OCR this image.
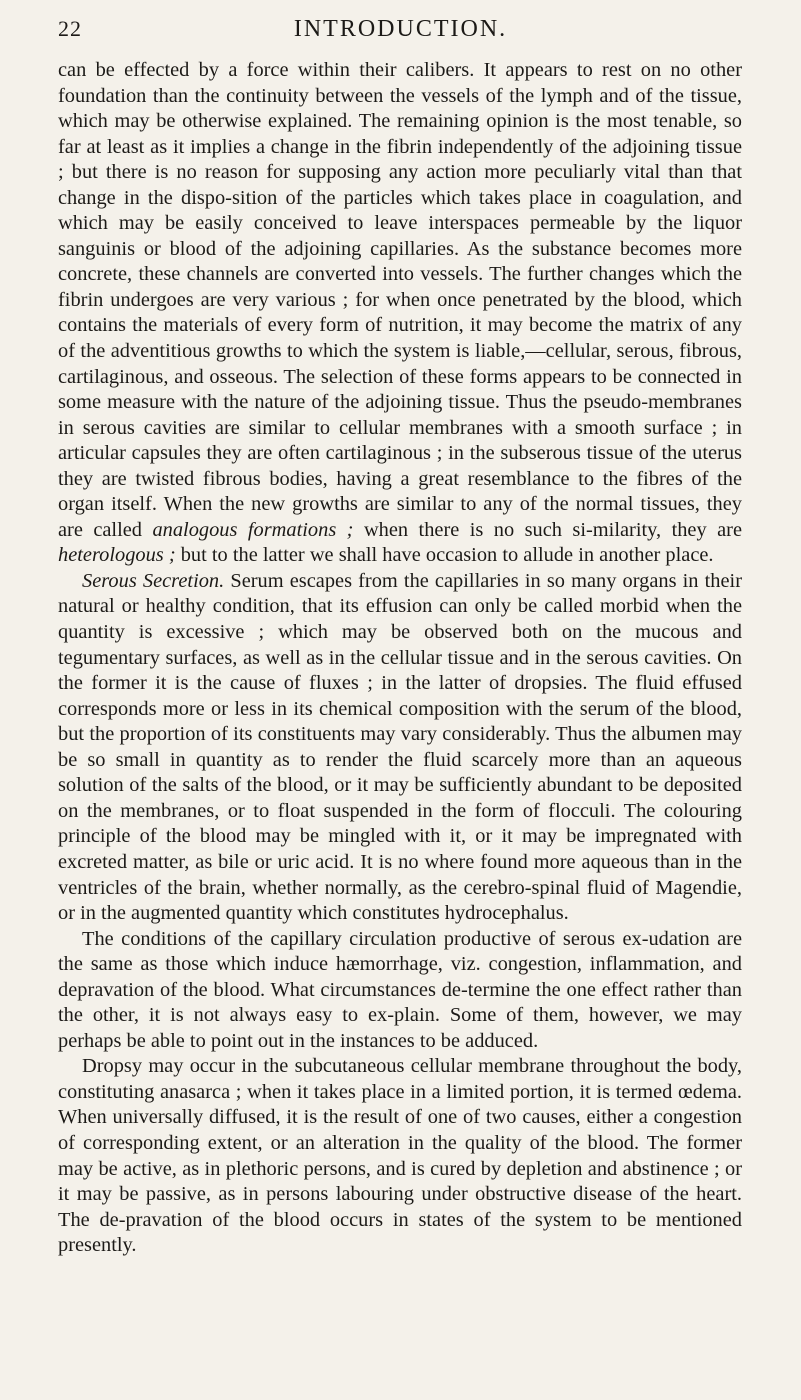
22	INTRODUCTION.

can be effected by a force within their calibers. It appears to rest on no other foundation than the continuity between the vessels of the lymph and of the tissue, which may be otherwise explained. The remaining opinion is the most tenable, so far at least as it implies a change in the fibrin independently of the adjoining tissue ; but there is no reason for supposing any action more peculiarly vital than that change in the dispo-sition of the particles which takes place in coagulation, and which may be easily conceived to leave interspaces permeable by the liquor sanguinis or blood of the adjoining capillaries. As the substance becomes more concrete, these channels are converted into vessels. The further changes which the fibrin undergoes are very various ; for when once penetrated by the blood, which contains the materials of every form of nutrition, it may become the matrix of any of the adventitious growths to which the system is liable,—cellular, serous, fibrous, cartilaginous, and osseous. The selection of these forms appears to be connected in some measure with the nature of the adjoining tissue. Thus the pseudo-membranes in serous cavities are similar to cellular membranes with a smooth surface ; in articular capsules they are often cartilaginous ; in the subserous tissue of the uterus they are twisted fibrous bodies, having a great resemblance to the fibres of the organ itself. When the new growths are similar to any of the normal tissues, they are called analogous formations ; when there is no such si-milarity, they are heterologous ; but to the latter we shall have occasion to allude in another place.

Serous Secretion. Serum escapes from the capillaries in so many organs in their natural or healthy condition, that its effusion can only be called morbid when the quantity is excessive ; which may be observed both on the mucous and tegumentary surfaces, as well as in the cellular tissue and in the serous cavities. On the former it is the cause of fluxes ; in the latter of dropsies. The fluid effused corresponds more or less in its chemical composition with the serum of the blood, but the proportion of its constituents may vary considerably. Thus the albumen may be so small in quantity as to render the fluid scarcely more than an aqueous solution of the salts of the blood, or it may be sufficiently abundant to be deposited on the membranes, or to float suspended in the form of flocculi. The colouring principle of the blood may be mingled with it, or it may be impregnated with excreted matter, as bile or uric acid. It is no where found more aqueous than in the ventricles of the brain, whether normally, as the cerebro-spinal fluid of Magendie, or in the augmented quantity which constitutes hydrocephalus.

The conditions of the capillary circulation productive of serous ex-udation are the same as those which induce hæmorrhage, viz. congestion, inflammation, and depravation of the blood. What circumstances de-termine the one effect rather than the other, it is not always easy to ex-plain. Some of them, however, we may perhaps be able to point out in the instances to be adduced.

Dropsy may occur in the subcutaneous cellular membrane throughout the body, constituting anasarca ; when it takes place in a limited portion, it is termed œdema. When universally diffused, it is the result of one of two causes, either a congestion of corresponding extent, or an alteration in the quality of the blood. The former may be active, as in plethoric persons, and is cured by depletion and abstinence ; or it may be passive, as in persons labouring under obstructive disease of the heart. The de-pravation of the blood occurs in states of the system to be mentioned presently.
